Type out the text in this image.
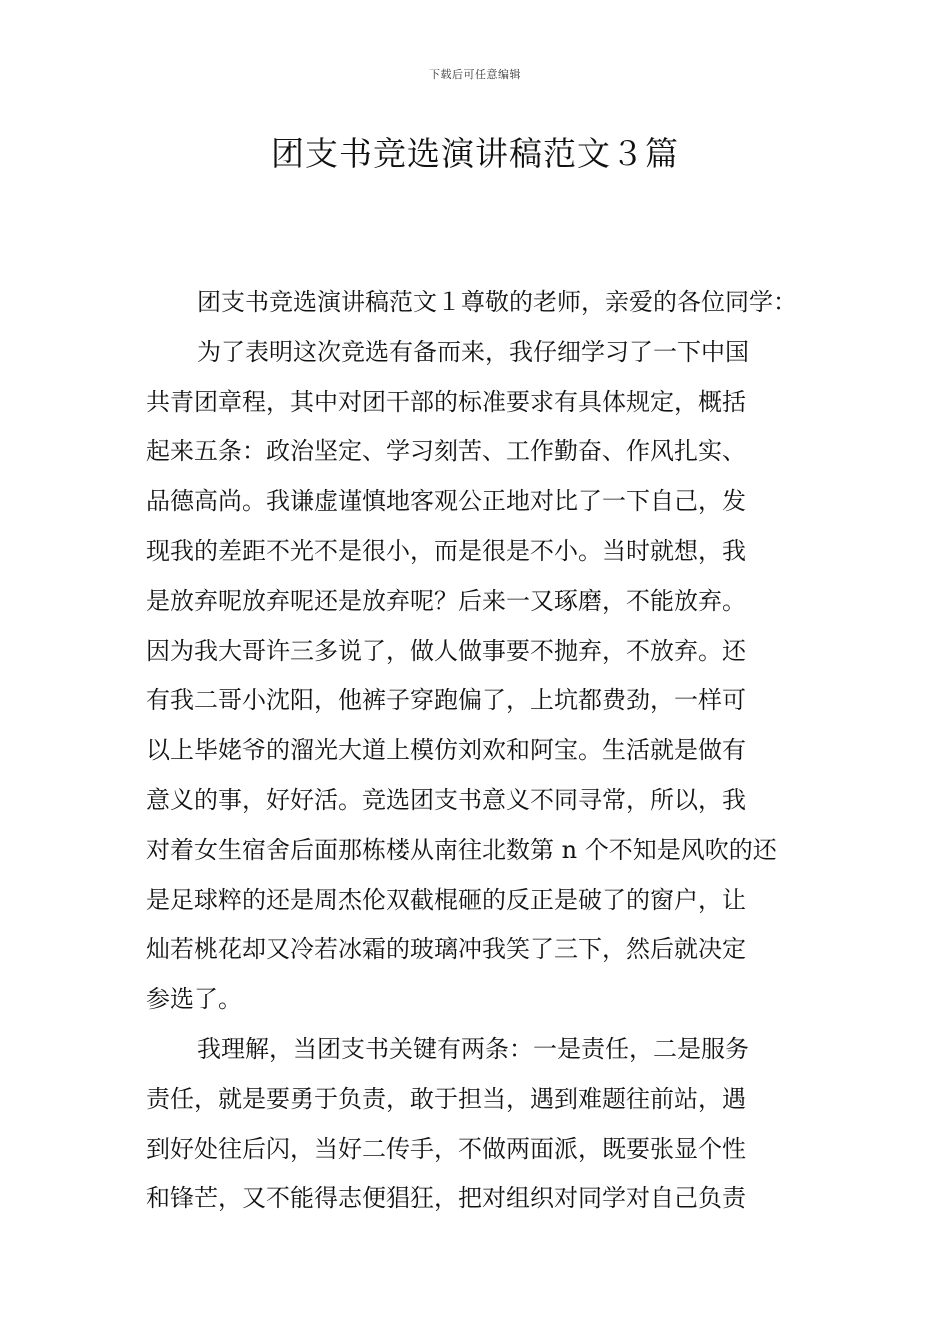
下载后可任意编辑
团支书竞选演讲稿范文３篇
团支书竞选演讲稿范文１尊敬的老师，亲爱的各位同学：
为了表明这次竞选有备而来，我仔细学习了一下中国
共青团章程，其中对团干部的标准要求有具体规定，概括
起来五条：政治坚定、学习刻苦、工作勤奋、作风扎实、
品德高尚。我谦虚谨慎地客观公正地对比了一下自己，发
现我的差距不光不是很小，而是很是不小。当时就想，我
是放弃呢放弃呢还是放弃呢？后来一又琢磨，不能放弃。
因为我大哥许三多说了，做人做事要不抛弃，不放弃。还
有我二哥小沈阳，他裤子穿跑偏了，上坑都费劲，一样可
以上毕姥爷的溜光大道上模仿刘欢和阿宝。生活就是做有
意义的事，好好活。竞选团支书意义不同寻常，所以，我
对着女生宿舍后面那栋楼从南往北数第 n 个不知是风吹的还
是足球粹的还是周杰伦双截棍砸的反正是破了的窗户，让
灿若桃花却又冷若冰霜的玻璃冲我笑了三下，然后就决定
参选了。
我理解，当团支书关键有两条：一是责任，二是服务
责任，就是要勇于负责，敢于担当，遇到难题往前站，遇
到好处往后闪，当好二传手，不做两面派，既要张显个性
和锋芒，又不能得志便猖狂，把对组织对同学对自己负责
